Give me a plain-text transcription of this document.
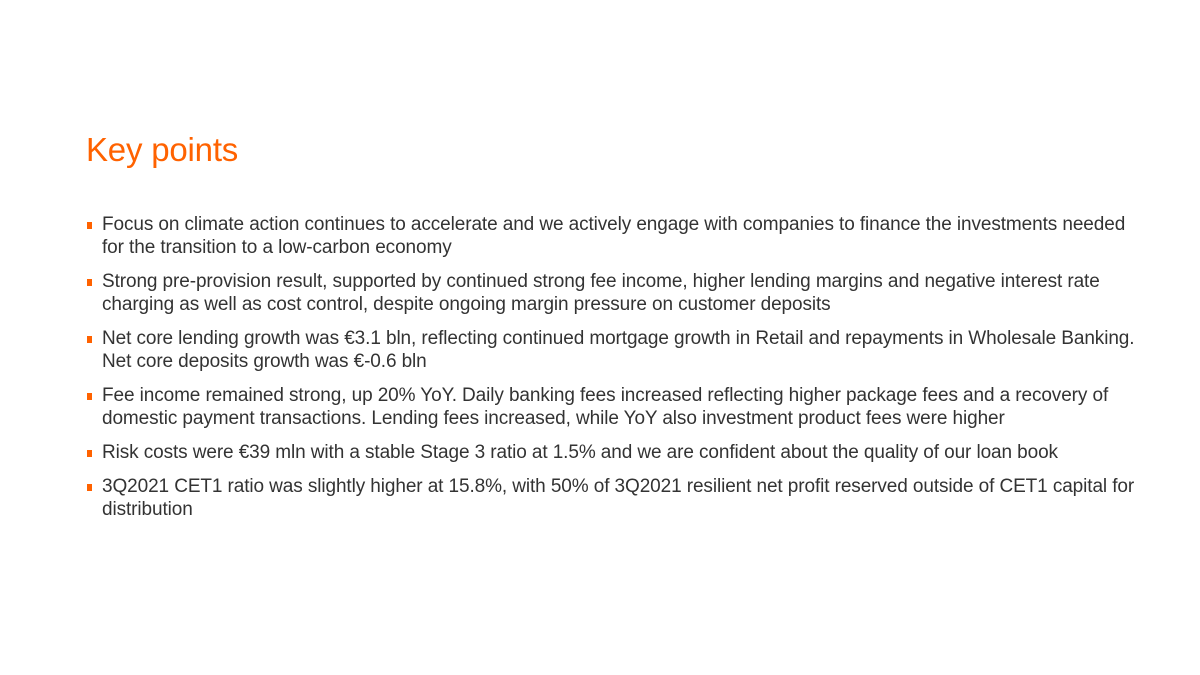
Key points
Focus on climate action continues to accelerate and we actively engage with companies to finance the investments needed for the transition to a low-carbon economy
Strong pre-provision result, supported by continued strong fee income, higher lending margins and negative interest rate charging as well as cost control, despite ongoing margin pressure on customer deposits
Net core lending growth was €3.1 bln, reflecting continued mortgage growth in Retail and repayments in Wholesale Banking. Net core deposits growth was €-0.6 bln
Fee income remained strong, up 20% YoY. Daily banking fees increased reflecting higher package fees and a recovery of domestic payment transactions. Lending fees increased, while YoY also investment product fees were higher
Risk costs were €39 mln with a stable Stage 3 ratio at 1.5% and we are confident about the quality of our loan book
3Q2021 CET1 ratio was slightly higher at 15.8%, with 50% of 3Q2021 resilient net profit reserved outside of CET1 capital for distribution
